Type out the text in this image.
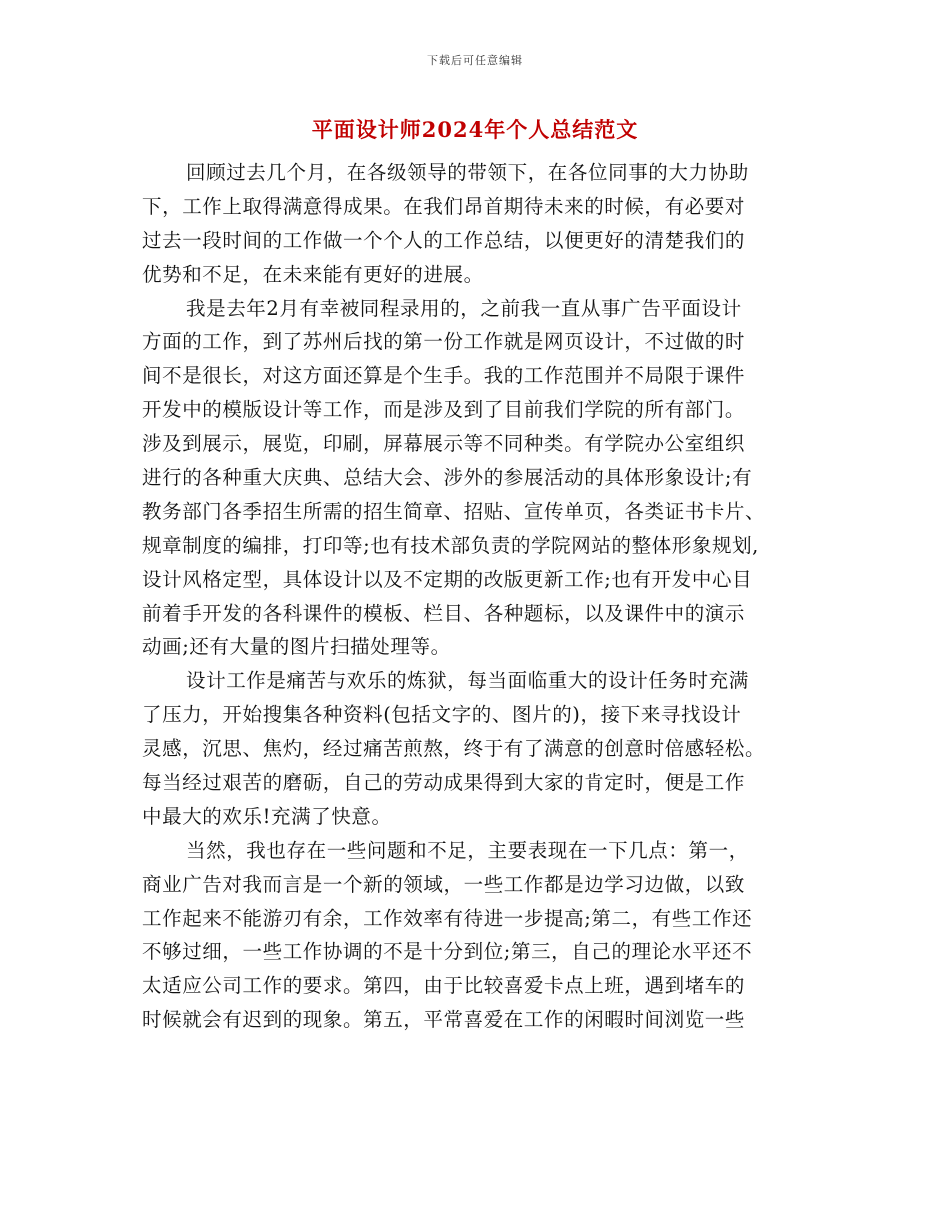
下载后可任意编辑
平面设计师2024年个人总结范文
回顾过去几个月，在各级领导的带领下，在各位同事的大力协助
下，工作上取得满意得成果。在我们昂首期待未来的时候，有必要对
过去一段时间的工作做一个个人的工作总结，以便更好的清楚我们的
优势和不足，在未来能有更好的进展。
我是去年2月有幸被同程录用的，之前我一直从事广告平面设计
方面的工作，到了苏州后找的第一份工作就是网页设计，不过做的时
间不是很长，对这方面还算是个生手。我的工作范围并不局限于课件
开发中的模版设计等工作，而是涉及到了目前我们学院的所有部门。
涉及到展示，展览，印刷，屏幕展示等不同种类。有学院办公室组织
进行的各种重大庆典、总结大会、涉外的参展活动的具体形象设计;有
教务部门各季招生所需的招生简章、招贴、宣传单页，各类证书卡片、
规章制度的编排，打印等;也有技术部负责的学院网站的整体形象规划,
设计风格定型，具体设计以及不定期的改版更新工作;也有开发中心目
前着手开发的各科课件的模板、栏目、各种题标，以及课件中的演示
动画;还有大量的图片扫描处理等。
设计工作是痛苦与欢乐的炼狱，每当面临重大的设计任务时充满
了压力，开始搜集各种资料(包括文字的、图片的)，接下来寻找设计
灵感，沉思、焦灼，经过痛苦煎熬，终于有了满意的创意时倍感轻松。
每当经过艰苦的磨砺，自己的劳动成果得到大家的肯定时，便是工作
中最大的欢乐!充满了快意。
当然，我也存在一些问题和不足，主要表现在一下几点：第一，
商业广告对我而言是一个新的领域，一些工作都是边学习边做，以致
工作起来不能游刃有余，工作效率有待进一步提高;第二，有些工作还
不够过细，一些工作协调的不是十分到位;第三，自己的理论水平还不
太适应公司工作的要求。第四，由于比较喜爱卡点上班，遇到堵车的
时候就会有迟到的现象。第五，平常喜爱在工作的闲暇时间浏览一些
